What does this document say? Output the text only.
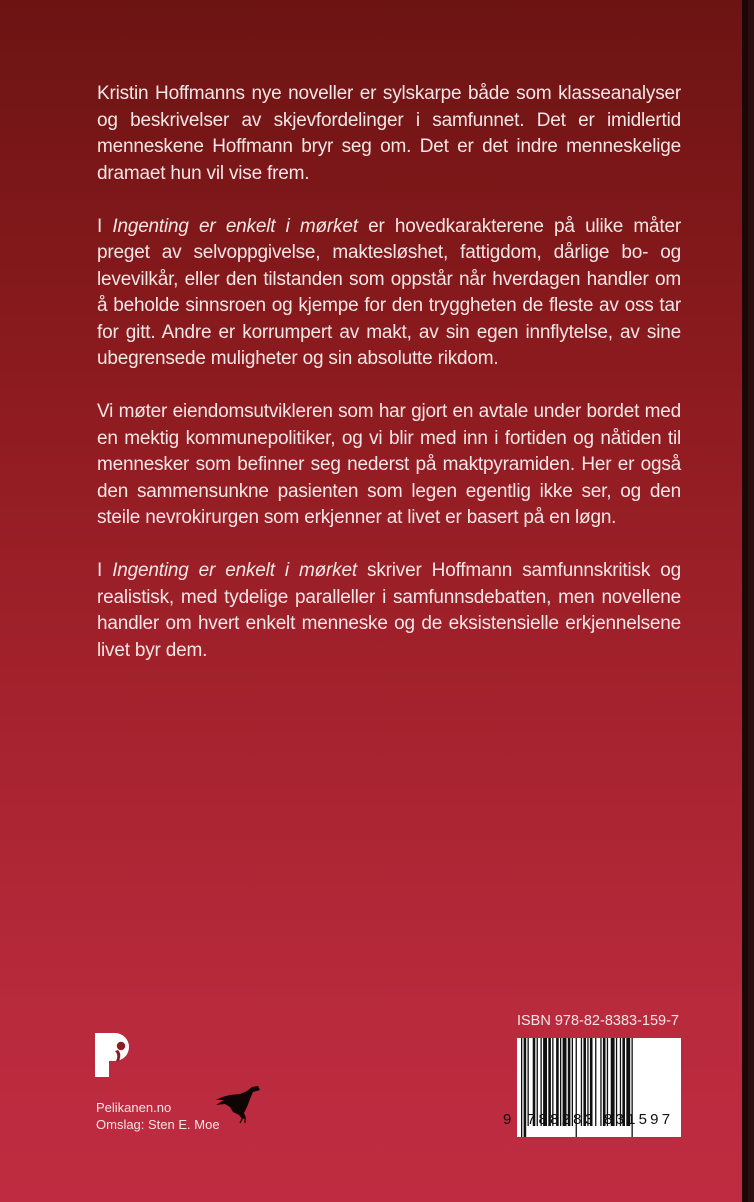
Kristin Hoffmanns nye noveller er sylskarpe både som klasseanalyser og beskrivelser av skjevfordelinger i samfunnet. Det er imidlertid menneskene Hoffmann bryr seg om. Det er det indre menneskelige dramaet hun vil vise frem.

I Ingenting er enkelt i mørket er hovedkarakterene på ulike måter preget av selvoppgivelse, maktesløshet, fattigdom, dårlige bo- og levevilkår, eller den tilstanden som oppstår når hverdagen handler om å beholde sinnsroen og kjempe for den tryggheten de fleste av oss tar for gitt. Andre er korrumpert av makt, av sin egen innflytelse, av sine ubegrensede muligheter og sin absolutte rikdom.

Vi møter eiendomsutvikleren som har gjort en avtale under bordet med en mektig kommunepolitiker, og vi blir med inn i fortiden og nåtiden til mennesker som befinner seg nederst på maktpyramiden. Her er også den sammensunkne pasienten som legen egentlig ikke ser, og den steile nevrokirurgen som erkjenner at livet er basert på en løgn.

I Ingenting er enkelt i mørket skriver Hoffmann samfunnskritisk og realistisk, med tydelige paralleller i samfunnsdebatten, men novellene handler om hvert enkelt menneske og de eksistensielle erkjennelsene livet byr dem.

Pelikanen.no
Omslag: Sten E. Moe
ISBN 978-82-8383-159-7
9 788283 831597
